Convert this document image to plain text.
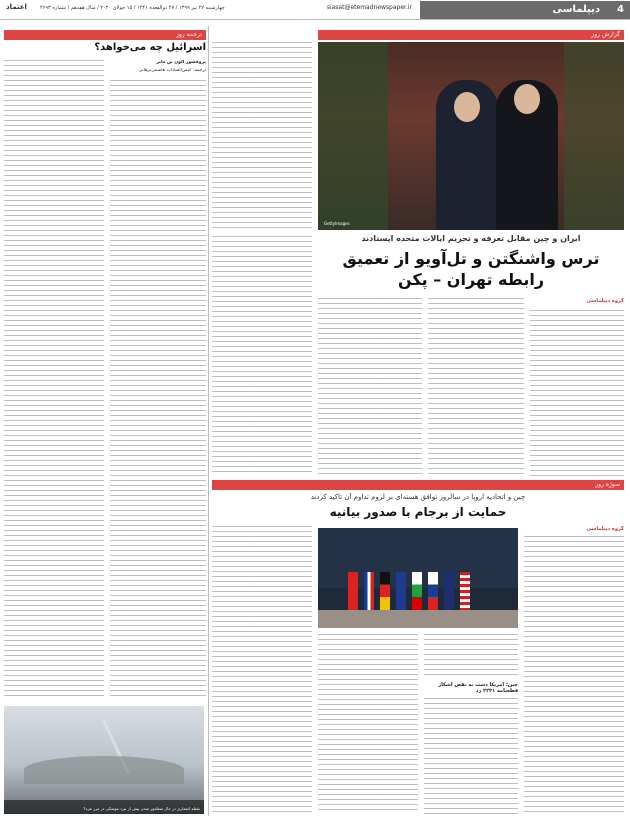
4
دیپلماسی
siasat@etemadnewspaper.ir
چهارشنبه ۲۷ تیر ۱۳۹۹ / ۲۷ ذوالقعده ۱۴۴۱ / ۱۵ جولای ۲۰۲۰ / سال هفدهم / شماره ۴۶۹۳
اعتماد
گزارش روز
GettyImages
ایران و چین مقابل تعرفه و تحریم ایالات متحده ایستادند
ترس واشنگتن و تل‌آویو از تعمیق رابطه تهران – پکن
گروه دیپلماسی
ترجمه روز
اسرائیل چه می‌خواهد؟
پروفسور آلون بن مایر
ترجمه: انیس‌السادات هاشمی‌برهانی
نقطه انفجاری در حال شعله‌ور شدن پیش از نبرد موشکی در مرز غزه؟
سوژه روز
چین و اتحادیه اروپا در سالروز توافق هسته‌ای بر لزوم تداوم آن تاکید کردند
حمایت از برجام با صدور بیانیه
گروه دیپلماسی
چین: آمریکا دست به نقض آشکار قطعنامه ۲۲۳۱ زد
